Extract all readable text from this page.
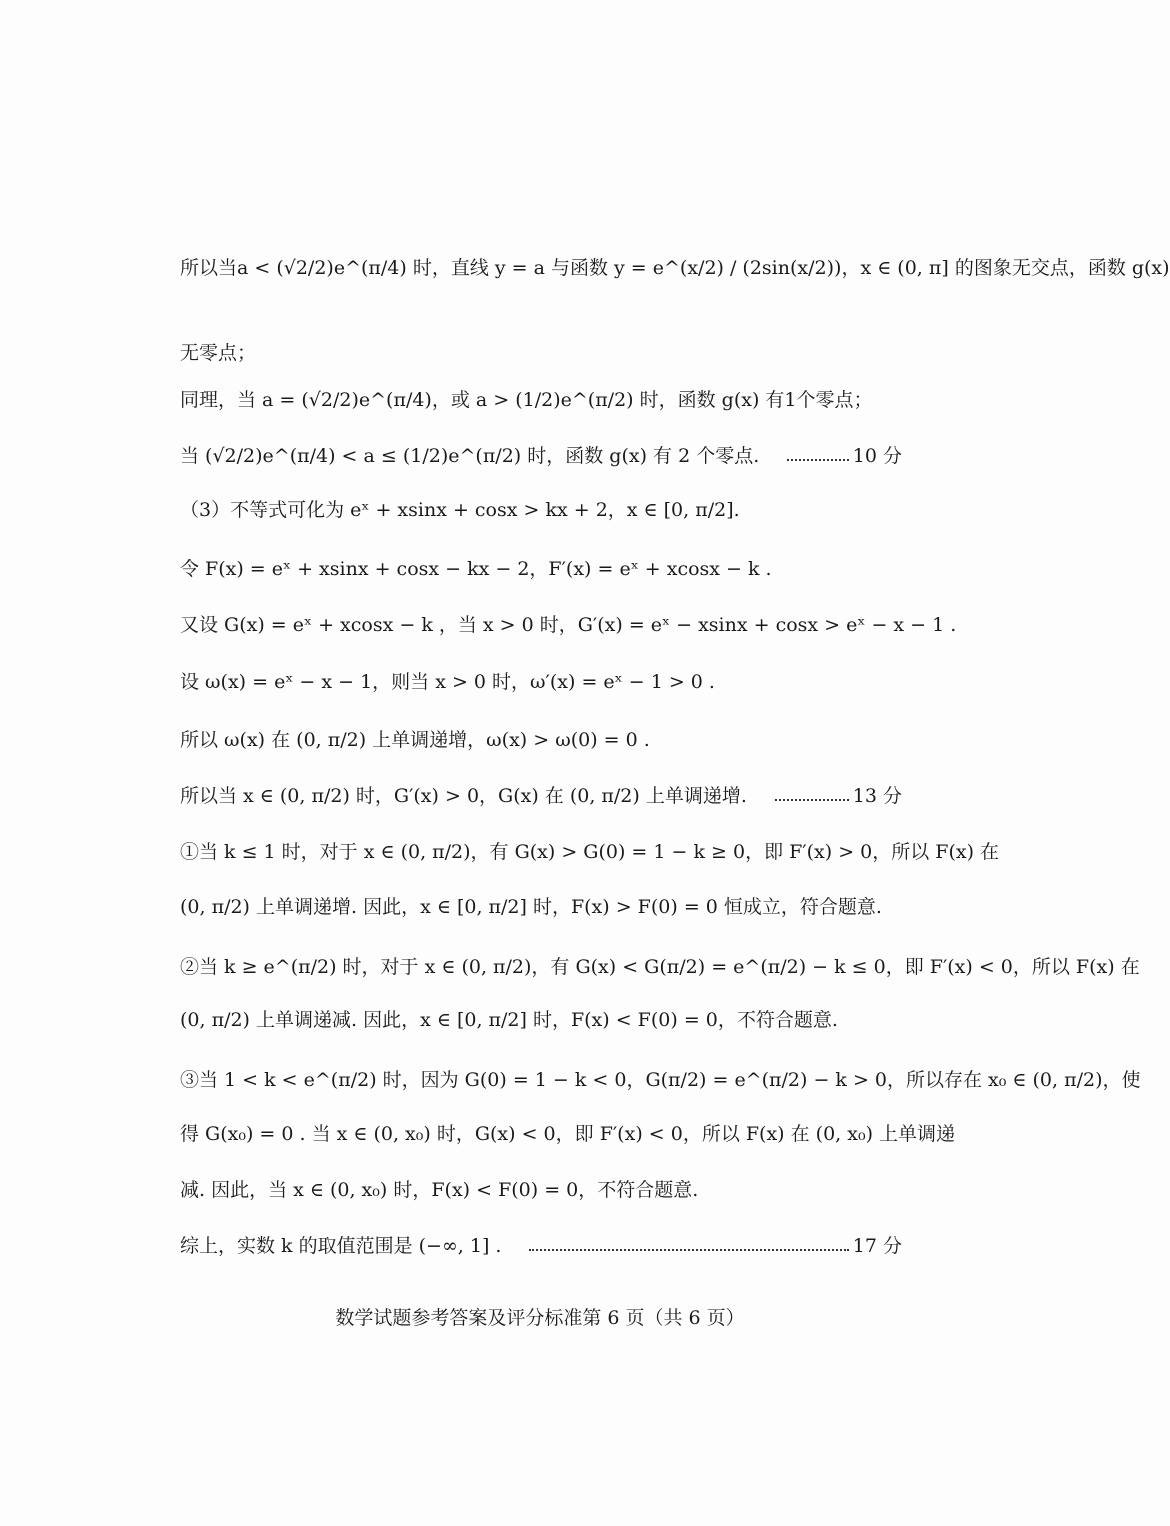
所以当a < (√2/2)e^(π/4) 时，直线 y = a 与函数 y = e^(x/2) / (2sin(x/2))，x ∈ (0, π] 的图象无交点，函数 g(x)
无零点；
同理，当 a = (√2/2)e^(π/4)，或 a > (1/2)e^(π/2) 时，函数 g(x) 有1个零点；
当 (√2/2)e^(π/4) < a ≤ (1/2)e^(π/2) 时，函数 g(x) 有 2 个零点.	10 分
（3）不等式可化为 eˣ + xsinx + cosx > kx + 2，x ∈ [0, π/2].
令 F(x) = eˣ + xsinx + cosx − kx − 2，F′(x) = eˣ + xcosx − k .
又设 G(x) = eˣ + xcosx − k ，当 x > 0 时，G′(x) = eˣ − xsinx + cosx > eˣ − x − 1 .
设 ω(x) = eˣ − x − 1，则当 x > 0 时，ω′(x) = eˣ − 1 > 0 .
所以 ω(x) 在 (0, π/2) 上单调递增，ω(x) > ω(0) = 0 .
所以当 x ∈ (0, π/2) 时，G′(x) > 0，G(x) 在 (0, π/2) 上单调递增.	13 分
①当 k ≤ 1 时，对于 x ∈ (0, π/2)，有 G(x) > G(0) = 1 − k ≥ 0，即 F′(x) > 0，所以 F(x) 在
(0, π/2) 上单调递增. 因此，x ∈ [0, π/2] 时，F(x) > F(0) = 0 恒成立，符合题意.
②当 k ≥ e^(π/2) 时，对于 x ∈ (0, π/2)，有 G(x) < G(π/2) = e^(π/2) − k ≤ 0，即 F′(x) < 0，所以 F(x) 在
(0, π/2) 上单调递减. 因此，x ∈ [0, π/2] 时，F(x) < F(0) = 0，不符合题意.
③当 1 < k < e^(π/2) 时，因为 G(0) = 1 − k < 0，G(π/2) = e^(π/2) − k > 0，所以存在 x₀ ∈ (0, π/2)，使
得 G(x₀) = 0 . 当 x ∈ (0, x₀) 时，G(x) < 0，即 F′(x) < 0，所以 F(x) 在 (0, x₀) 上单调递
减. 因此，当 x ∈ (0, x₀) 时，F(x) < F(0) = 0，不符合题意.
综上，实数 k 的取值范围是 (−∞, 1] .	17 分
数学试题参考答案及评分标准第 6 页（共 6 页）
